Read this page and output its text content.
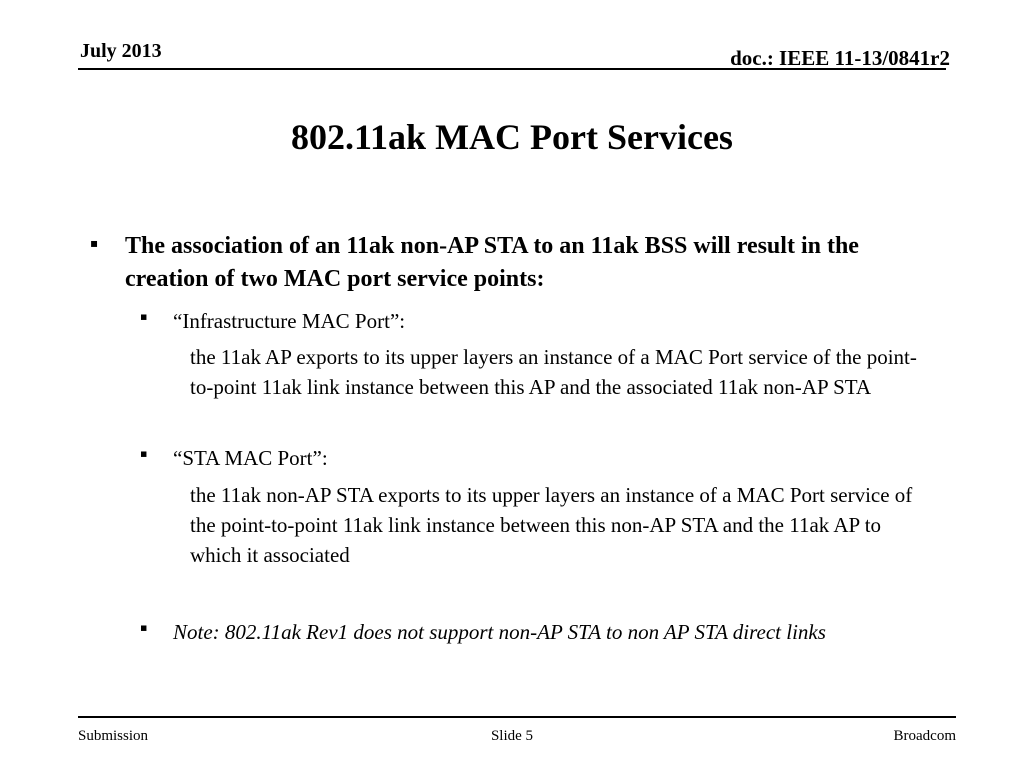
July 2013	doc.: IEEE 11-13/0841r2
802.11ak MAC Port Services
▪	The association of an 11ak non-AP STA to an 11ak BSS will result in the creation of two MAC port service points:
▪	“Infrastructure MAC Port”:
the 11ak AP exports to its upper layers an instance of a MAC Port service of the point-to-point 11ak link instance between this AP and the associated 11ak non-AP STA
▪	“STA MAC Port”:
the 11ak non-AP STA exports to its upper layers an instance of a MAC Port service of the point-to-point 11ak link instance between this non-AP STA and the 11ak AP to which it associated
▪	Note: 802.11ak Rev1 does not support non-AP STA to non AP STA direct links
Submission	Slide 5	Broadcom
